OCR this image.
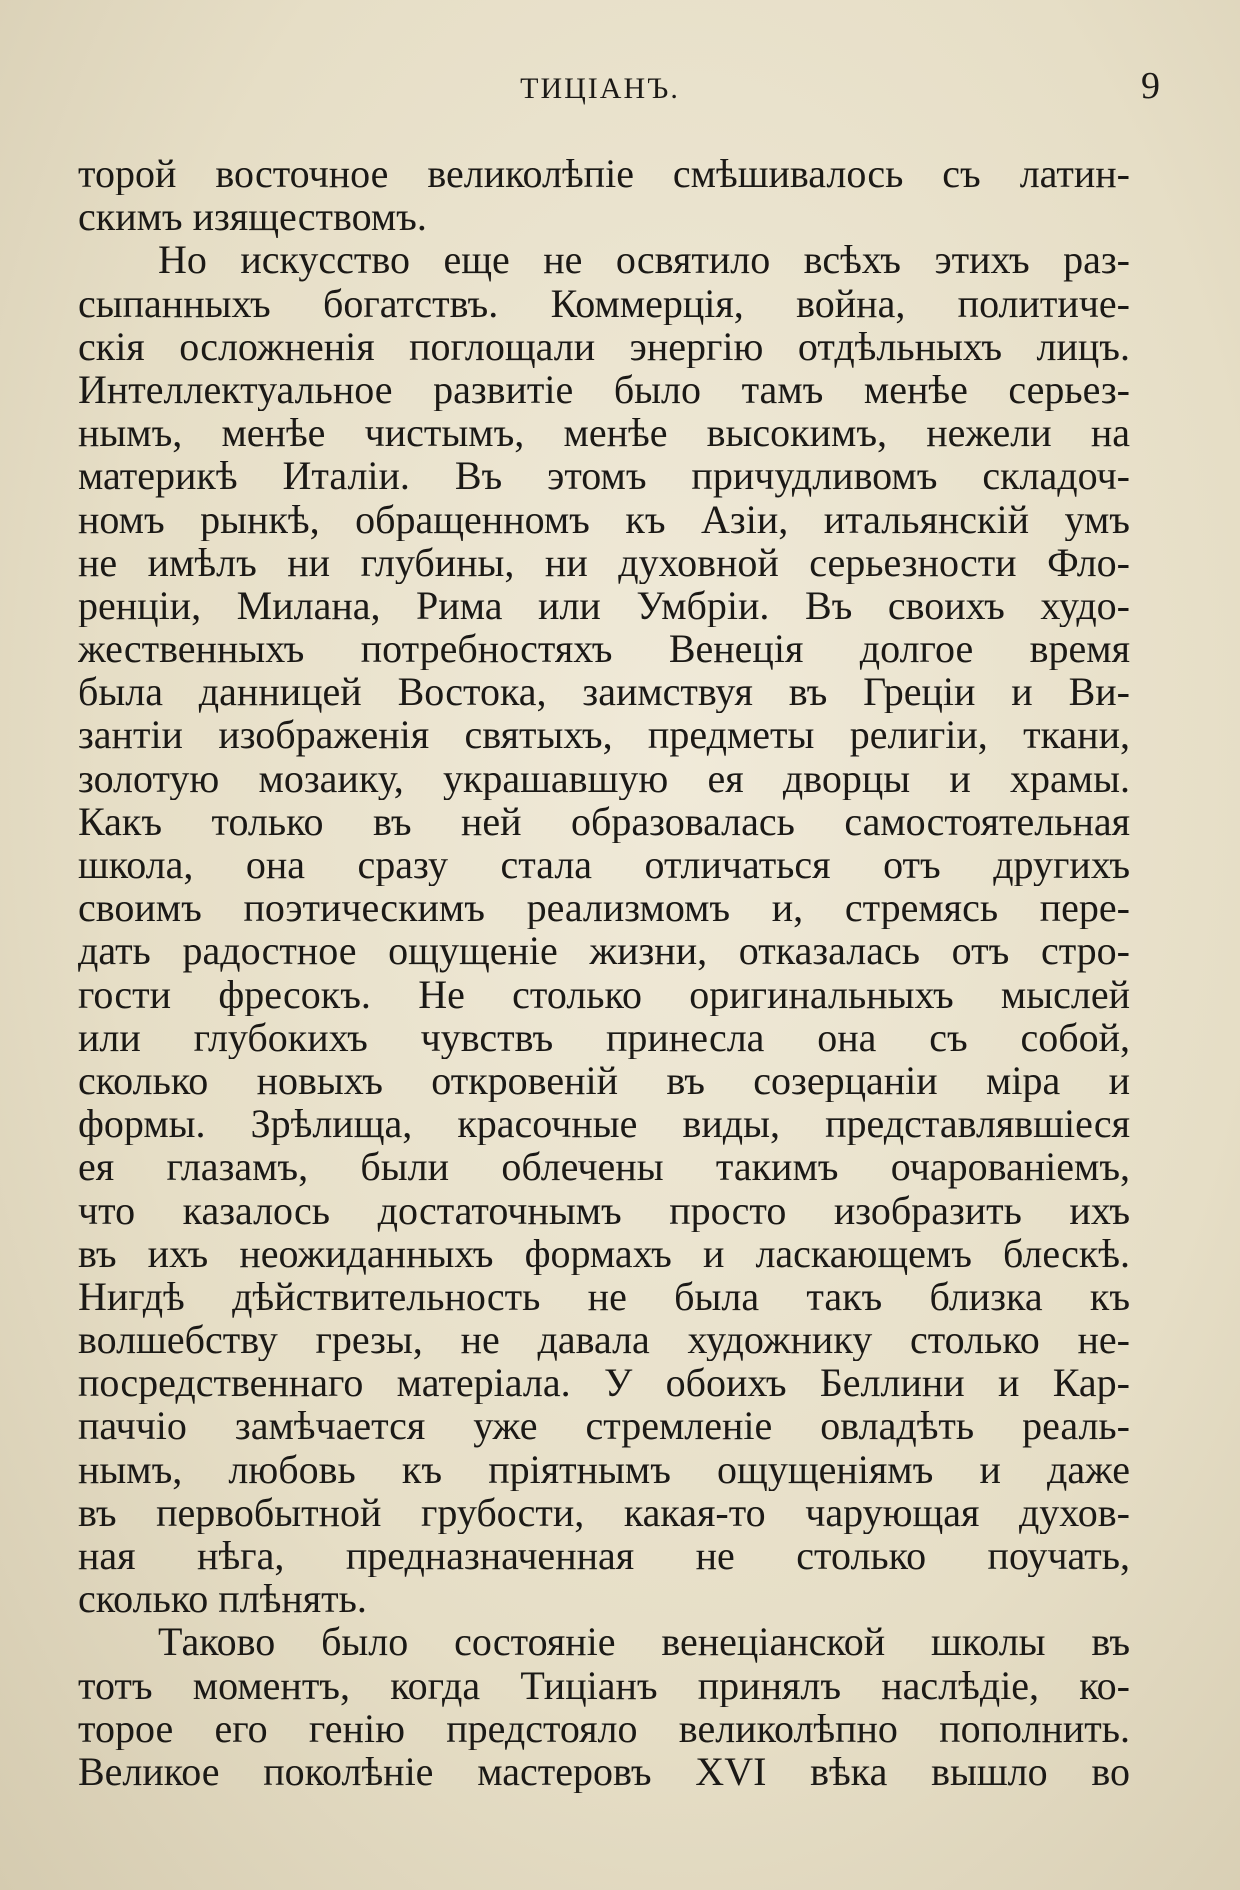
ТИЦІАНЪ.	9
торой восточное великолѣпіе смѣшивалось съ латин-
скимъ изяществомъ.
Но искусство еще не освятило всѣхъ этихъ раз-
сыпанныхъ богатствъ. Коммерція, война, политиче-
скія осложненія поглощали энергію отдѣльныхъ лицъ.
Интеллектуальное развитіе было тамъ менѣе серьез-
нымъ, менѣе чистымъ, менѣе высокимъ, нежели на
материкѣ Италіи. Въ этомъ причудливомъ складоч-
номъ рынкѣ, обращенномъ къ Азіи, итальянскій умъ
не имѣлъ ни глубины, ни духовной серьезности Фло-
ренціи, Милана, Рима или Умбріи. Въ своихъ худо-
жественныхъ потребностяхъ Венеція долгое время
была данницей Востока, заимствуя въ Греціи и Ви-
зантіи изображенія святыхъ, предметы религіи, ткани,
золотую мозаику, украшавшую ея дворцы и храмы.
Какъ только въ ней образовалась самостоятельная
школа, она сразу стала отличаться отъ другихъ
своимъ поэтическимъ реализмомъ и, стремясь пере-
дать радостное ощущеніе жизни, отказалась отъ стро-
гости фресокъ. Не столько оригинальныхъ мыслей
или глубокихъ чувствъ принесла она съ собой,
сколько новыхъ откровеній въ созерцаніи міра и
формы. Зрѣлища, красочные виды, представлявшіеся
ея глазамъ, были облечены такимъ очарованіемъ,
что казалось достаточнымъ просто изобразить ихъ
въ ихъ неожиданныхъ формахъ и ласкающемъ блескѣ.
Нигдѣ дѣйствительность не была такъ близка къ
волшебству грезы, не давала художнику столько не-
посредственнаго матеріала. У обоихъ Беллини и Кар-
паччіо замѣчается уже стремленіе овладѣть реаль-
нымъ, любовь къ пріятнымъ ощущеніямъ и даже
въ первобытной грубости, какая-то чарующая духов-
ная нѣга, предназначенная не столько поучать,
сколько плѣнять.
Таково было состояніе венеціанской школы въ
тотъ моментъ, когда Тиціанъ принялъ наслѣдіе, ко-
торое его генію предстояло великолѣпно пополнить.
Великое поколѣніе мастеровъ XVI вѣка вышло во
